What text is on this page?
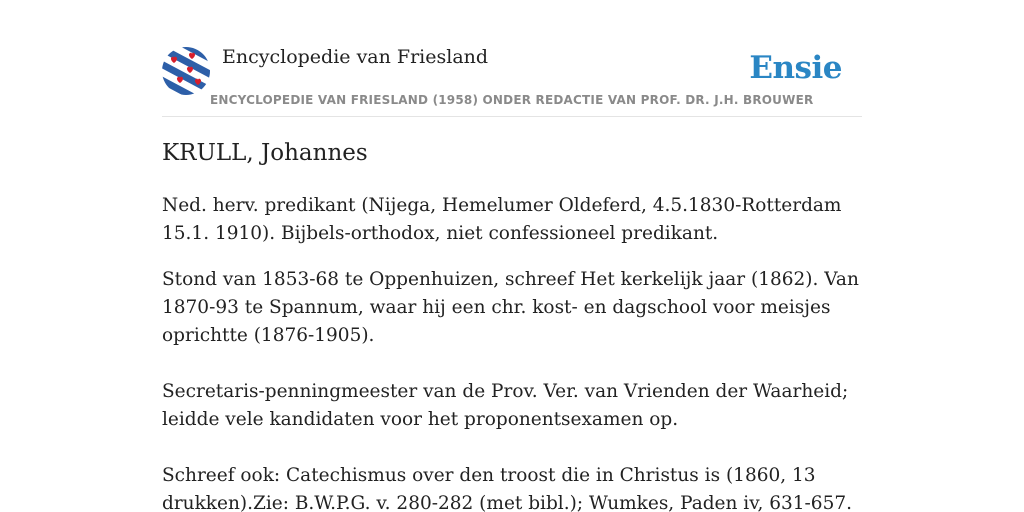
Encyclopedie van Friesland
ENCYCLOPEDIE VAN FRIESLAND (1958) ONDER REDACTIE VAN PROF. DR. J.H. BROUWER
Ensie
KRULL, Johannes

Ned. herv. predikant (Nijega, Hemelumer Oldeferd, 4.5.1830-Rotterdam 15.1. 1910). Bijbels-orthodox, niet confessioneel predikant.

Stond van 1853-68 te Oppenhuizen, schreef Het kerkelijk jaar (1862). Van 1870-93 te Spannum, waar hij een chr. kost- en dagschool voor meisjes oprichtte (1876-1905).

Secretaris-penningmeester van de Prov. Ver. van Vrienden der Waarheid; leidde vele kandidaten voor het proponentsexamen op.

Schreef ook: Catechismus over den troost die in Christus is (1860, 13 drukken).Zie: B.W.P.G. v. 280-282 (met bibl.); Wumkes, Paden iv, 631-657.
